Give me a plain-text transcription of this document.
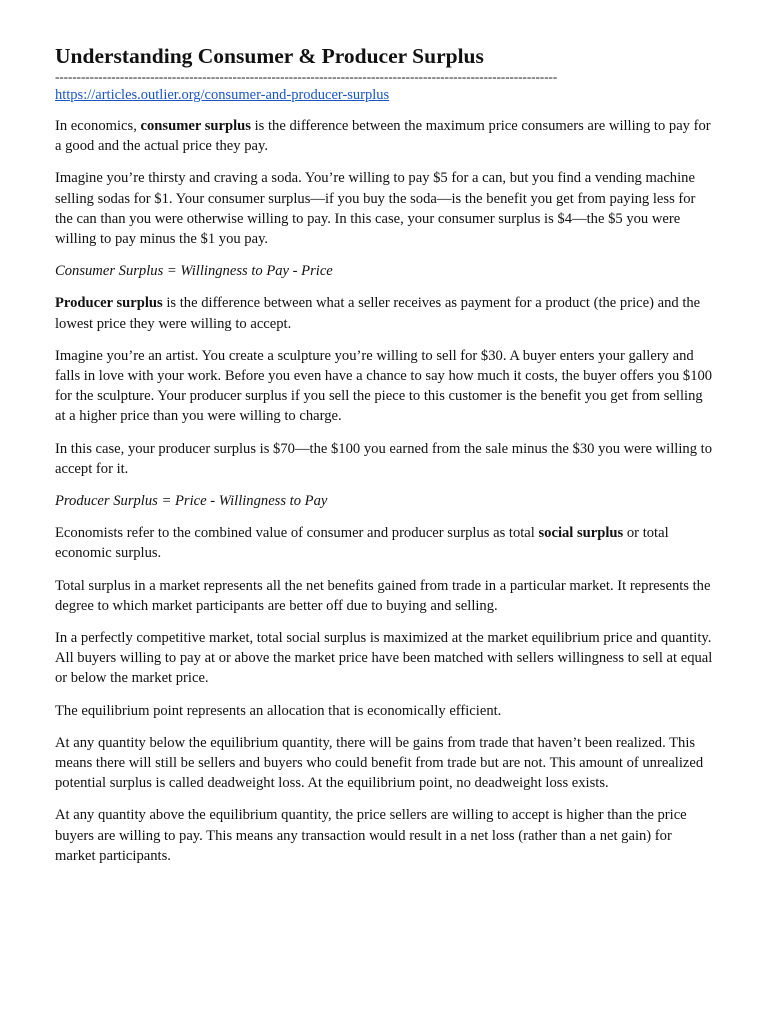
Understanding Consumer & Producer Surplus
--------------------------------------------------------------------------------------------------------------------
https://articles.outlier.org/consumer-and-producer-surplus

In economics, consumer surplus is the difference between the maximum price consumers are willing to pay for a good and the actual price they pay.

Imagine you’re thirsty and craving a soda. You’re willing to pay $5 for a can, but you find a vending machine selling sodas for $1. Your consumer surplus—if you buy the soda—is the benefit you get from paying less for the can than you were otherwise willing to pay. In this case, your consumer surplus is $4—the $5 you were willing to pay minus the $1 you pay.

Consumer Surplus = Willingness to Pay - Price

Producer surplus is the difference between what a seller receives as payment for a product (the price) and the lowest price they were willing to accept.

Imagine you’re an artist. You create a sculpture you’re willing to sell for $30. A buyer enters your gallery and falls in love with your work. Before you even have a chance to say how much it costs, the buyer offers you $100 for the sculpture. Your producer surplus if you sell the piece to this customer is the benefit you get from selling at a higher price than you were willing to charge.

In this case, your producer surplus is $70—the $100 you earned from the sale minus the $30 you were willing to accept for it.

Producer Surplus = Price - Willingness to Pay

Economists refer to the combined value of consumer and producer surplus as total social surplus or total economic surplus.

Total surplus in a market represents all the net benefits gained from trade in a particular market. It represents the degree to which market participants are better off due to buying and selling.

In a perfectly competitive market, total social surplus is maximized at the market equilibrium price and quantity. All buyers willing to pay at or above the market price have been matched with sellers willingness to sell at equal or below the market price.

The equilibrium point represents an allocation that is economically efficient.

At any quantity below the equilibrium quantity, there will be gains from trade that haven’t been realized. This means there will still be sellers and buyers who could benefit from trade but are not. This amount of unrealized potential surplus is called deadweight loss. At the equilibrium point, no deadweight loss exists.

At any quantity above the equilibrium quantity, the price sellers are willing to accept is higher than the price buyers are willing to pay. This means any transaction would result in a net loss (rather than a net gain) for market participants.
